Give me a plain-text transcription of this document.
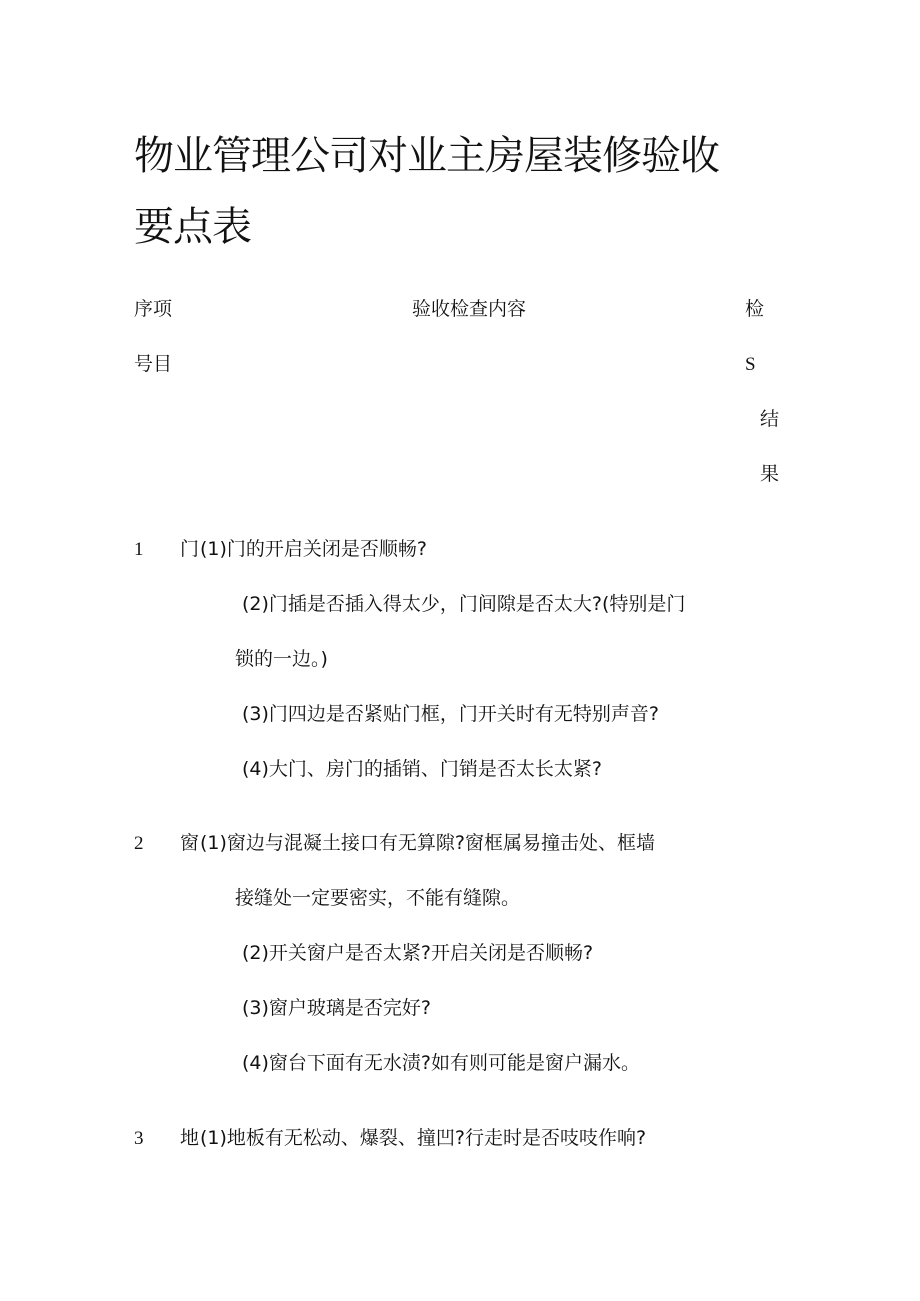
物业管理公司对业主房屋装修验收
要点表
序项
号目
验收检查内容	检
S
结
果
1 门 (1)门的开启关闭是否顺畅?
(2)门插是否插入得太少，门间隙是否太大?(特别是门
锁的一边。)
(3)门四边是否紧贴门框，门开关时有无特别声音?
(4)大门、房门的插销、门销是否太长太紧?
2 窗 (1)窗边与混凝土接口有无算隙?窗框属易撞击处、框墙
接缝处一定要密实，不能有缝隙。
(2)开关窗户是否太紧?开启关闭是否顺畅?
(3)窗户玻璃是否完好?
(4)窗台下面有无水渍?如有则可能是窗户漏水。
3 地 (1)地板有无松动、爆裂、撞凹?行走时是否吱吱作响?
